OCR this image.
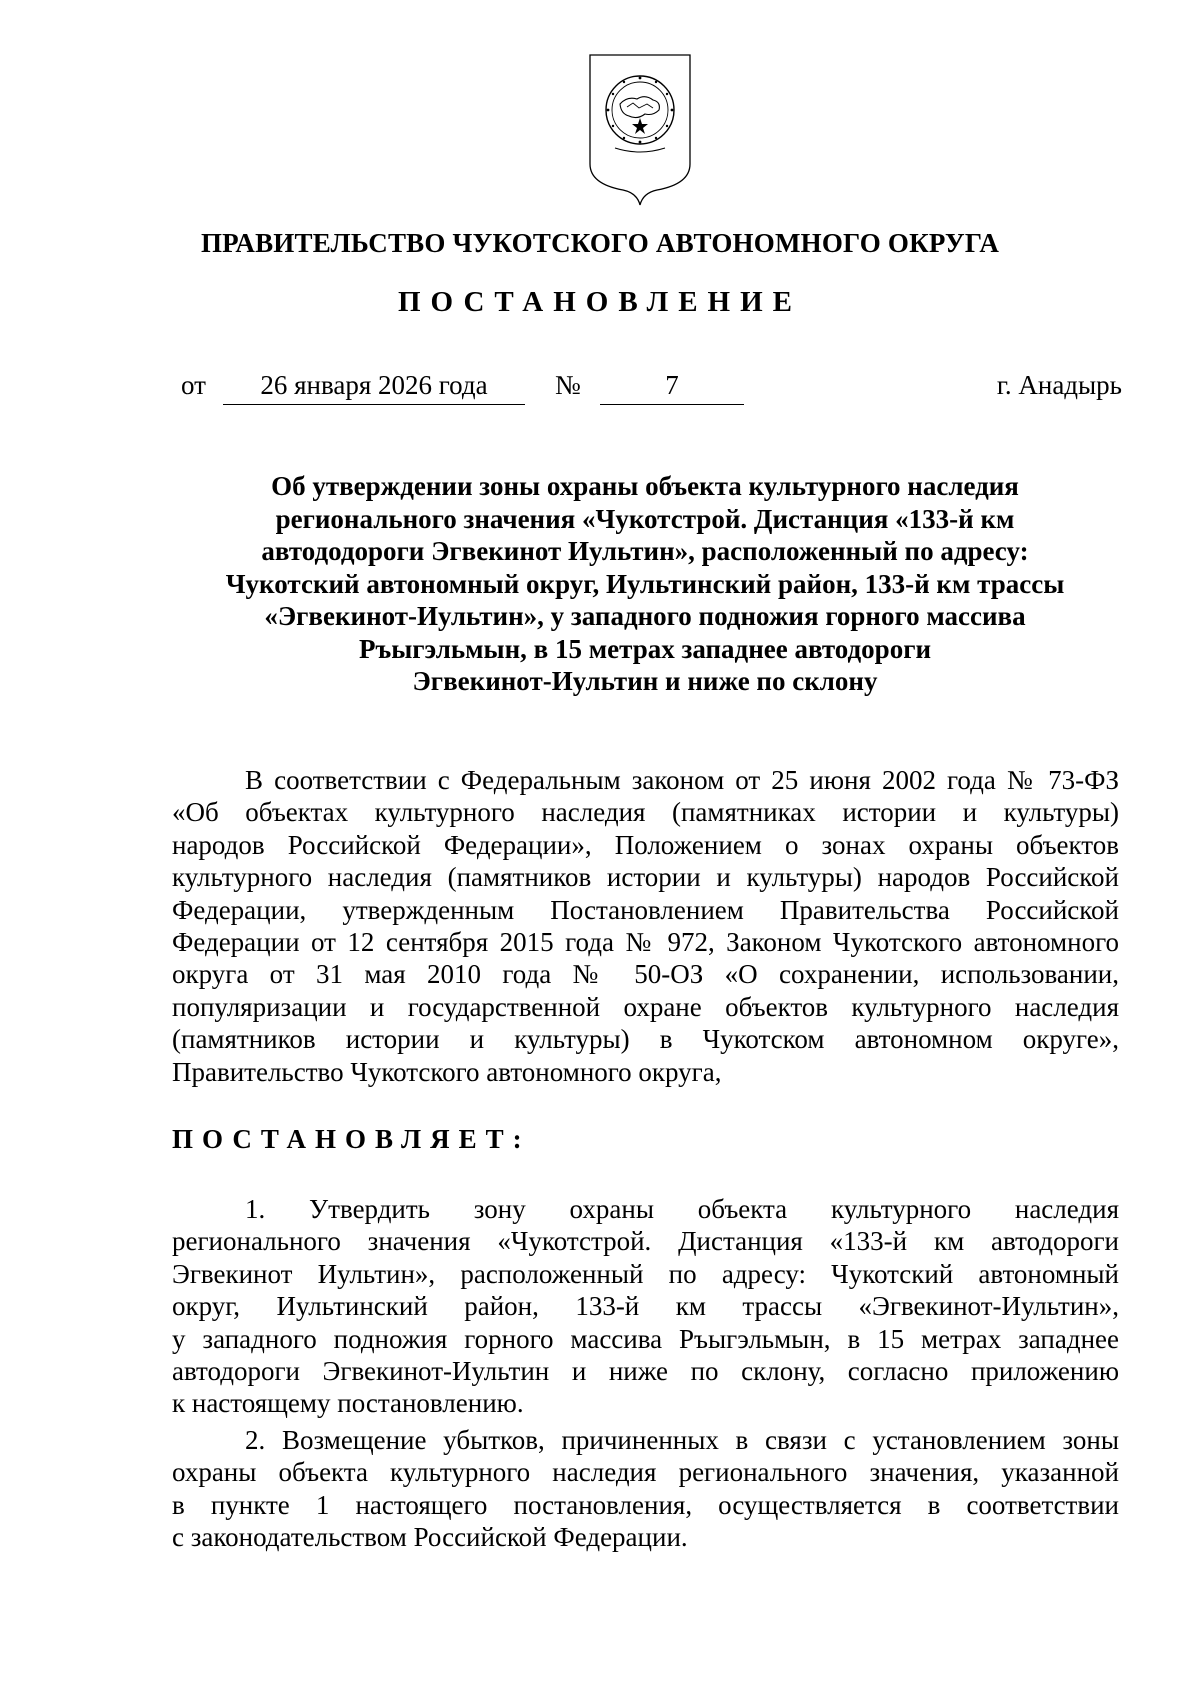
ПРАВИТЕЛЬСТВО ЧУКОТСКОГО АВТОНОМНОГО ОКРУГА
ПОСТАНОВЛЕНИЕ
от	26 января 2026 года	№	7	г. Анадырь
Об утверждении зоны охраны объекта культурного наследия
регионального значения «Чукотстрой. Дистанция «133-й км
автододороги Эгвекинот Иультин», расположенный по адресу:
Чукотский автономный округ, Иультинский район, 133-й км трассы
«Эгвекинот-Иультин», у западного подножия горного массива
Ръыгэльмын, в 15 метрах западнее автодороги
Эгвекинот-Иультин и ниже по склону
В соответствии с Федеральным законом от 25 июня 2002 года № 73-ФЗ
«Об объектах культурного наследия (памятниках истории и культуры)
народов Российской Федерации», Положением о зонах охраны объектов
культурного наследия (памятников истории и культуры) народов Российской
Федерации, утвержденным Постановлением Правительства Российской
Федерации от 12 сентября 2015 года № 972, Законом Чукотского автономного
округа от 31 мая 2010 года № 50-ОЗ «О сохранении, использовании,
популяризации и государственной охране объектов культурного наследия
(памятников истории и культуры) в Чукотском автономном округе»,
Правительство Чукотского автономного округа,
ПОСТАНОВЛЯЕТ:
1. Утвердить зону охраны объекта культурного наследия
регионального значения «Чукотстрой. Дистанция «133-й км автодороги
Эгвекинот Иультин», расположенный по адресу: Чукотский автономный
округ, Иультинский район, 133-й км трассы «Эгвекинот-Иультин»,
у западного подножия горного массива Ръыгэльмын, в 15 метрах западнее
автодороги Эгвекинот-Иультин и ниже по склону, согласно приложению
к настоящему постановлению.
2. Возмещение убытков, причиненных в связи с установлением зоны
охраны объекта культурного наследия регионального значения, указанной
в пункте 1 настоящего постановления, осуществляется в соответствии
с законодательством Российской Федерации.
